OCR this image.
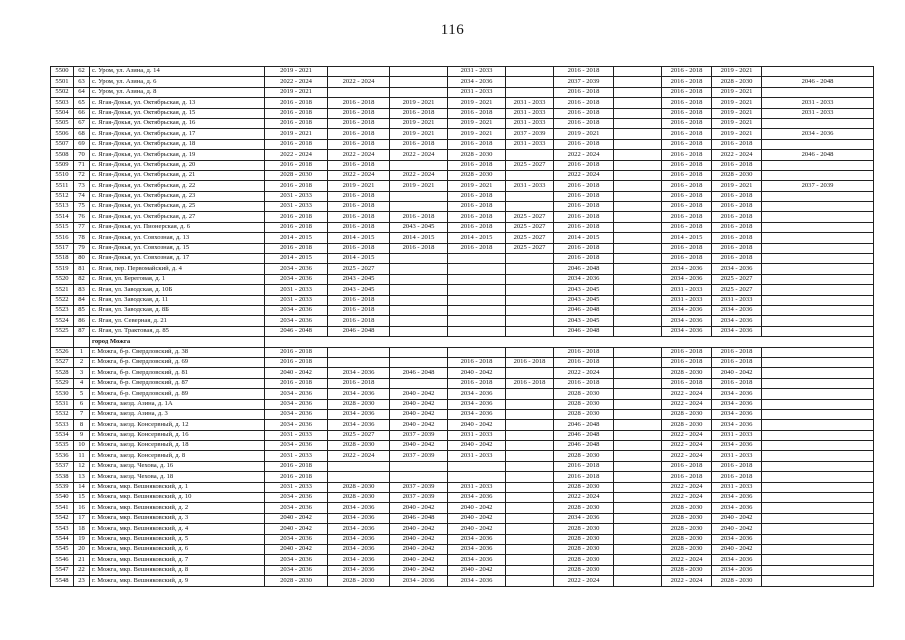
116
5500	62	с. Уром, ул. Азина, д. 14	2019 - 2021			2031 - 2033		2016 - 2018		2016 - 2018	2019 - 2021	
5501	63	с. Уром, ул. Азина, д. 6	2022 - 2024	2022 - 2024		2034 - 2036		2037 - 2039		2016 - 2018	2028 - 2030	2046 - 2048
5502	64	с. Уром, ул. Азина, д. 8	2019 - 2021			2031 - 2033		2016 - 2018		2016 - 2018	2019 - 2021	
5503	65	с. Ягая-Докья, ул. Октябрьская, д. 13	2016 - 2018	2016 - 2018	2019 - 2021	2019 - 2021	2031 - 2033	2016 - 2018		2016 - 2018	2019 - 2021	2031 - 2033
5504	66	с. Ягая-Докья, ул. Октябрьская, д. 15	2016 - 2018	2016 - 2018	2016 - 2018	2016 - 2018	2031 - 2033	2016 - 2018		2016 - 2018	2019 - 2021	2031 - 2033
5505	67	с. Ягая-Докья, ул. Октябрьская, д. 16	2016 - 2018	2016 - 2018	2019 - 2021	2019 - 2021	2031 - 2033	2016 - 2018		2016 - 2018	2019 - 2021	
5506	68	с. Ягая-Докья, ул. Октябрьская, д. 17	2019 - 2021	2016 - 2018	2019 - 2021	2019 - 2021	2037 - 2039	2019 - 2021		2016 - 2018	2019 - 2021	2034 - 2036
5507	69	с. Ягая-Докья, ул. Октябрьская, д. 18	2016 - 2018	2016 - 2018	2016 - 2018	2016 - 2018	2031 - 2033	2016 - 2018		2016 - 2018	2016 - 2018	
5508	70	с. Ягая-Докья, ул. Октябрьская, д. 19	2022 - 2024	2022 - 2024	2022 - 2024	2028 - 2030		2022 - 2024		2016 - 2018	2022 - 2024	2046 - 2048
5509	71	с. Ягая-Докья, ул. Октябрьская, д. 20	2016 - 2018	2016 - 2018		2016 - 2018	2025 - 2027	2016 - 2018		2016 - 2018	2016 - 2018	
5510	72	с. Ягая-Докья, ул. Октябрьская, д. 21	2028 - 2030	2022 - 2024	2022 - 2024	2028 - 2030		2022 - 2024		2016 - 2018	2028 - 2030	
5511	73	с. Ягая-Докья, ул. Октябрьская, д. 22	2016 - 2018	2019 - 2021	2019 - 2021	2019 - 2021	2031 - 2033	2016 - 2018		2016 - 2018	2019 - 2021	2037 - 2039
5512	74	с. Ягая-Докья, ул. Октябрьская, д. 23	2031 - 2033	2016 - 2018		2016 - 2018		2016 - 2018		2016 - 2018	2016 - 2018	
5513	75	с. Ягая-Докья, ул. Октябрьская, д. 25	2031 - 2033	2016 - 2018		2016 - 2018		2016 - 2018		2016 - 2018	2016 - 2018	
5514	76	с. Ягая-Докья, ул. Октябрьская, д. 27	2016 - 2018	2016 - 2018	2016 - 2018	2016 - 2018	2025 - 2027	2016 - 2018		2016 - 2018	2016 - 2018	
5515	77	с. Ягая-Докья, ул. Пионерская, д. 6	2016 - 2018	2016 - 2018	2043 - 2045	2016 - 2018	2025 - 2027	2016 - 2018		2016 - 2018	2016 - 2018	
5516	78	с. Ягая-Докья, ул. Совхозная, д. 13	2014 - 2015	2014 - 2015	2014 - 2015	2014 - 2015	2025 - 2027	2014 - 2015		2014 - 2015	2016 - 2018	
5517	79	с. Ягая-Докья, ул. Совхозная, д. 15	2016 - 2018	2016 - 2018	2016 - 2018	2016 - 2018	2025 - 2027	2016 - 2018		2016 - 2018	2016 - 2018	
5518	80	с. Ягая-Докья, ул. Совхозная, д. 17	2014 - 2015	2014 - 2015				2016 - 2018		2016 - 2018	2016 - 2018	
5519	81	с. Ягая, пер. Первомайский, д. 4	2034 - 2036	2025 - 2027				2046 - 2048		2034 - 2036	2034 - 2036	
5520	82	с. Ягая, ул. Береговая, д. 1	2034 - 2036	2043 - 2045				2034 - 2036		2034 - 2036	2025 - 2027	
5521	83	с. Ягая, ул. Заводская, д. 10Б	2031 - 2033	2043 - 2045				2043 - 2045		2031 - 2033	2025 - 2027	
5522	84	с. Ягая, ул. Заводская, д. 11	2031 - 2033	2016 - 2018				2043 - 2045		2031 - 2033	2031 - 2033	
5523	85	с. Ягая, ул. Заводская, д. 8Б	2034 - 2036	2016 - 2018				2046 - 2048		2034 - 2036	2034 - 2036	
5524	86	с. Ягая, ул. Северная, д. 21	2034 - 2036	2016 - 2018				2043 - 2045		2034 - 2036	2034 - 2036	
5525	87	с. Ягая, ул. Трактовая, д. 85	2046 - 2048	2046 - 2048				2046 - 2048		2034 - 2036	2034 - 2036	
		город Можга										
5526	1	г. Можга, б-р. Свердловский, д. 38	2016 - 2018					2016 - 2018		2016 - 2018	2016 - 2018	
5527	2	г. Можга, б-р. Свердловский, д. 69	2016 - 2018			2016 - 2018	2016 - 2018	2016 - 2018		2016 - 2018	2016 - 2018	
5528	3	г. Можга, б-р. Свердловский, д. 81	2040 - 2042	2034 - 2036	2046 - 2048	2040 - 2042		2022 - 2024		2028 - 2030	2040 - 2042	
5529	4	г. Можга, б-р. Свердловский, д. 87	2016 - 2018	2016 - 2018		2016 - 2018	2016 - 2018	2016 - 2018		2016 - 2018	2016 - 2018	
5530	5	г. Можга, б-р. Свердловский, д. 89	2034 - 2036	2034 - 2036	2040 - 2042	2034 - 2036		2028 - 2030		2022 - 2024	2034 - 2036	
5531	6	г. Можга, заезд. Азина, д. 1А	2034 - 2036	2028 - 2030	2040 - 2042	2034 - 2036		2028 - 2030		2022 - 2024	2034 - 2036	
5532	7	г. Можга, заезд. Азина, д. 3	2034 - 2036	2034 - 2036	2040 - 2042	2034 - 2036		2028 - 2030		2028 - 2030	2034 - 2036	
5533	8	г. Можга, заезд. Консервный, д. 12	2034 - 2036	2034 - 2036	2040 - 2042	2040 - 2042		2046 - 2048		2028 - 2030	2034 - 2036	
5534	9	г. Можга, заезд. Консервный, д. 16	2031 - 2033	2025 - 2027	2037 - 2039	2031 - 2033		2046 - 2048		2022 - 2024	2031 - 2033	
5535	10	г. Можга, заезд. Консервный, д. 18	2034 - 2036	2028 - 2030	2040 - 2042	2040 - 2042		2046 - 2048		2022 - 2024	2034 - 2036	
5536	11	г. Можга, заезд. Консервный, д. 8	2031 - 2033	2022 - 2024	2037 - 2039	2031 - 2033		2028 - 2030		2022 - 2024	2031 - 2033	
5537	12	г. Можга, заезд. Чехова, д. 16	2016 - 2018					2016 - 2018		2016 - 2018	2016 - 2018	
5538	13	г. Можга, заезд. Чехова, д. 18	2016 - 2018					2016 - 2018		2016 - 2018	2016 - 2018	
5539	14	г. Можга, мкр. Вешняковский, д. 1	2031 - 2033	2028 - 2030	2037 - 2039	2031 - 2033		2028 - 2030		2022 - 2024	2031 - 2033	
5540	15	г. Можга, мкр. Вешняковский, д. 10	2034 - 2036	2028 - 2030	2037 - 2039	2034 - 2036		2022 - 2024		2022 - 2024	2034 - 2036	
5541	16	г. Можга, мкр. Вешняковский, д. 2	2034 - 2036	2034 - 2036	2040 - 2042	2040 - 2042		2028 - 2030		2028 - 2030	2034 - 2036	
5542	17	г. Можга, мкр. Вешняковский, д. 3	2040 - 2042	2034 - 2036	2046 - 2048	2040 - 2042		2034 - 2036		2028 - 2030	2040 - 2042	
5543	18	г. Можга, мкр. Вешняковский, д. 4	2040 - 2042	2034 - 2036	2040 - 2042	2040 - 2042		2028 - 2030		2028 - 2030	2040 - 2042	
5544	19	г. Можга, мкр. Вешняковский, д. 5	2034 - 2036	2034 - 2036	2040 - 2042	2034 - 2036		2028 - 2030		2028 - 2030	2034 - 2036	
5545	20	г. Можга, мкр. Вешняковский, д. 6	2040 - 2042	2034 - 2036	2040 - 2042	2034 - 2036		2028 - 2030		2028 - 2030	2040 - 2042	
5546	21	г. Можга, мкр. Вешняковский, д. 7	2034 - 2036	2034 - 2036	2040 - 2042	2034 - 2036		2028 - 2030		2022 - 2024	2034 - 2036	
5547	22	г. Можга, мкр. Вешняковский, д. 8	2034 - 2036	2034 - 2036	2040 - 2042	2040 - 2042		2028 - 2030		2028 - 2030	2034 - 2036	
5548	23	г. Можга, мкр. Вешняковский, д. 9	2028 - 2030	2028 - 2030	2034 - 2036	2034 - 2036		2022 - 2024		2022 - 2024	2028 - 2030	
